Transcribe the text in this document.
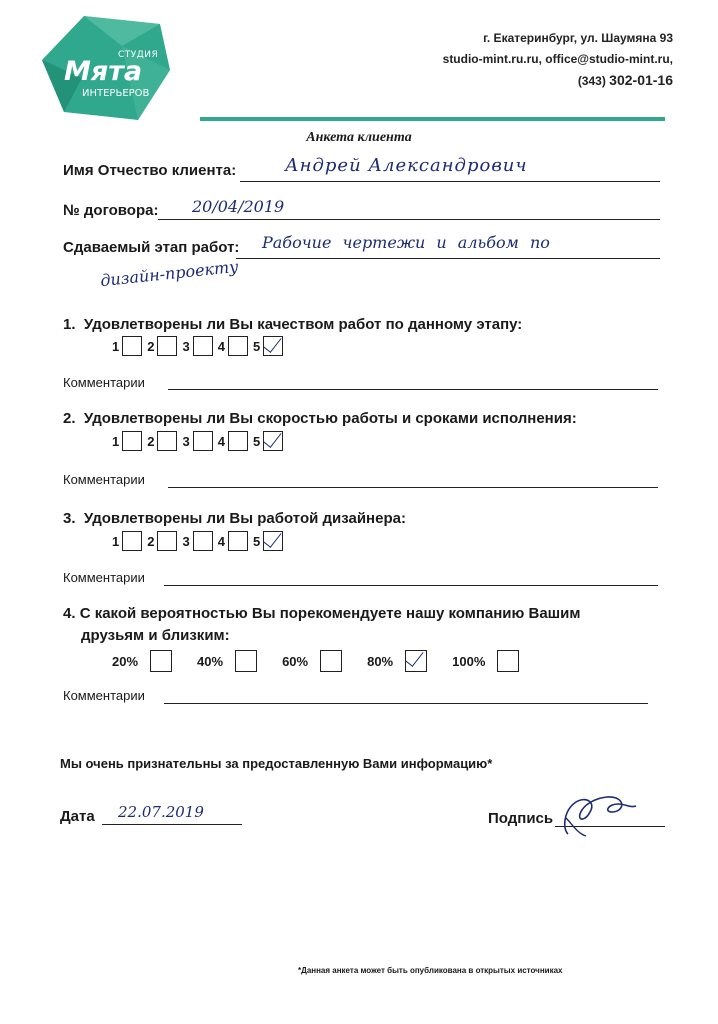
СТУДИЯ
Мята
ИНТЕРЬЕРОВ
г. Екатеринбург, ул. Шаумяна 93
studio-mint.ru.ru, office@studio-mint.ru,
(343) 302-01-16
Анкета клиента
Имя Отчество клиента:	Андрей Александрович
№ договора: 20/04/2019
Сдаваемый этап работ: Рабочие чертежи и альбом по
дизайн-проекту
1. Удовлетворены ли Вы качеством работ по данному этапу:
1 2 3 4 5
Комментарии
2. Удовлетворены ли Вы скоростью работы и сроками исполнения:
1 2 3 4 5
Комментарии
3. Удовлетворены ли Вы работой дизайнера:
1 2 3 4 5
Комментарии
4. С какой вероятностью Вы порекомендуете нашу компанию Вашим
друзьям и близким:
20%	40%	60%	80%	100%
Комментарии
Мы очень признательны за предоставленную Вами информацию*
Дата 22.07.2019	Подпись
*Данная анкета может быть опубликована в открытых источниках
